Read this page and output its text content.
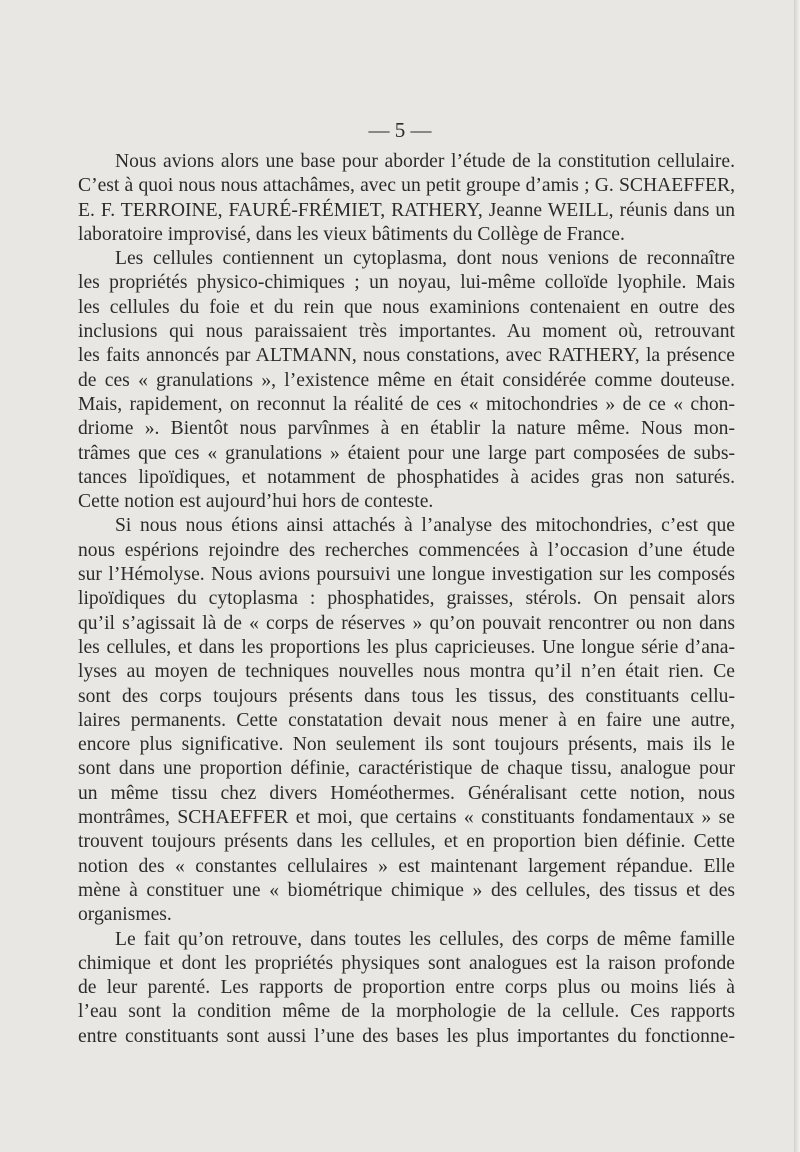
— 5 —
Nous avions alors une base pour aborder l’étude de la constitution cellulaire.
C’est à quoi nous nous attachâmes, avec un petit groupe d’amis ; G. SCHAEFFER,
E. F. TERROINE, FAURÉ-FRÉMIET, RATHERY, Jeanne WEILL, réunis dans un
laboratoire improvisé, dans les vieux bâtiments du Collège de France.
Les cellules contiennent un cytoplasma, dont nous venions de reconnaître
les propriétés physico-chimiques ; un noyau, lui-même colloïde lyophile. Mais
les cellules du foie et du rein que nous examinions contenaient en outre des
inclusions qui nous paraissaient très importantes. Au moment où, retrouvant
les faits annoncés par ALTMANN, nous constations, avec RATHERY, la présence
de ces « granulations », l’existence même en était considérée comme douteuse.
Mais, rapidement, on reconnut la réalité de ces « mitochondries » de ce « chon-
driome ». Bientôt nous parvînmes à en établir la nature même. Nous mon-
trâmes que ces « granulations » étaient pour une large part composées de subs-
tances lipoïdiques, et notamment de phosphatides à acides gras non saturés.
Cette notion est aujourd’hui hors de conteste.
Si nous nous étions ainsi attachés à l’analyse des mitochondries, c’est que
nous espérions rejoindre des recherches commencées à l’occasion d’une étude
sur l’Hémolyse. Nous avions poursuivi une longue investigation sur les composés
lipoïdiques du cytoplasma : phosphatides, graisses, stérols. On pensait alors
qu’il s’agissait là de « corps de réserves » qu’on pouvait rencontrer ou non dans
les cellules, et dans les proportions les plus capricieuses. Une longue série d’ana-
lyses au moyen de techniques nouvelles nous montra qu’il n’en était rien. Ce
sont des corps toujours présents dans tous les tissus, des constituants cellu-
laires permanents. Cette constatation devait nous mener à en faire une autre,
encore plus significative. Non seulement ils sont toujours présents, mais ils le
sont dans une proportion définie, caractéristique de chaque tissu, analogue pour
un même tissu chez divers Homéothermes. Généralisant cette notion, nous
montrâmes, SCHAEFFER et moi, que certains « constituants fondamentaux » se
trouvent toujours présents dans les cellules, et en proportion bien définie. Cette
notion des « constantes cellulaires » est maintenant largement répandue. Elle
mène à constituer une « biométrique chimique » des cellules, des tissus et des
organismes.
Le fait qu’on retrouve, dans toutes les cellules, des corps de même famille
chimique et dont les propriétés physiques sont analogues est la raison profonde
de leur parenté. Les rapports de proportion entre corps plus ou moins liés à
l’eau sont la condition même de la morphologie de la cellule. Ces rapports
entre constituants sont aussi l’une des bases les plus importantes du fonctionne-
